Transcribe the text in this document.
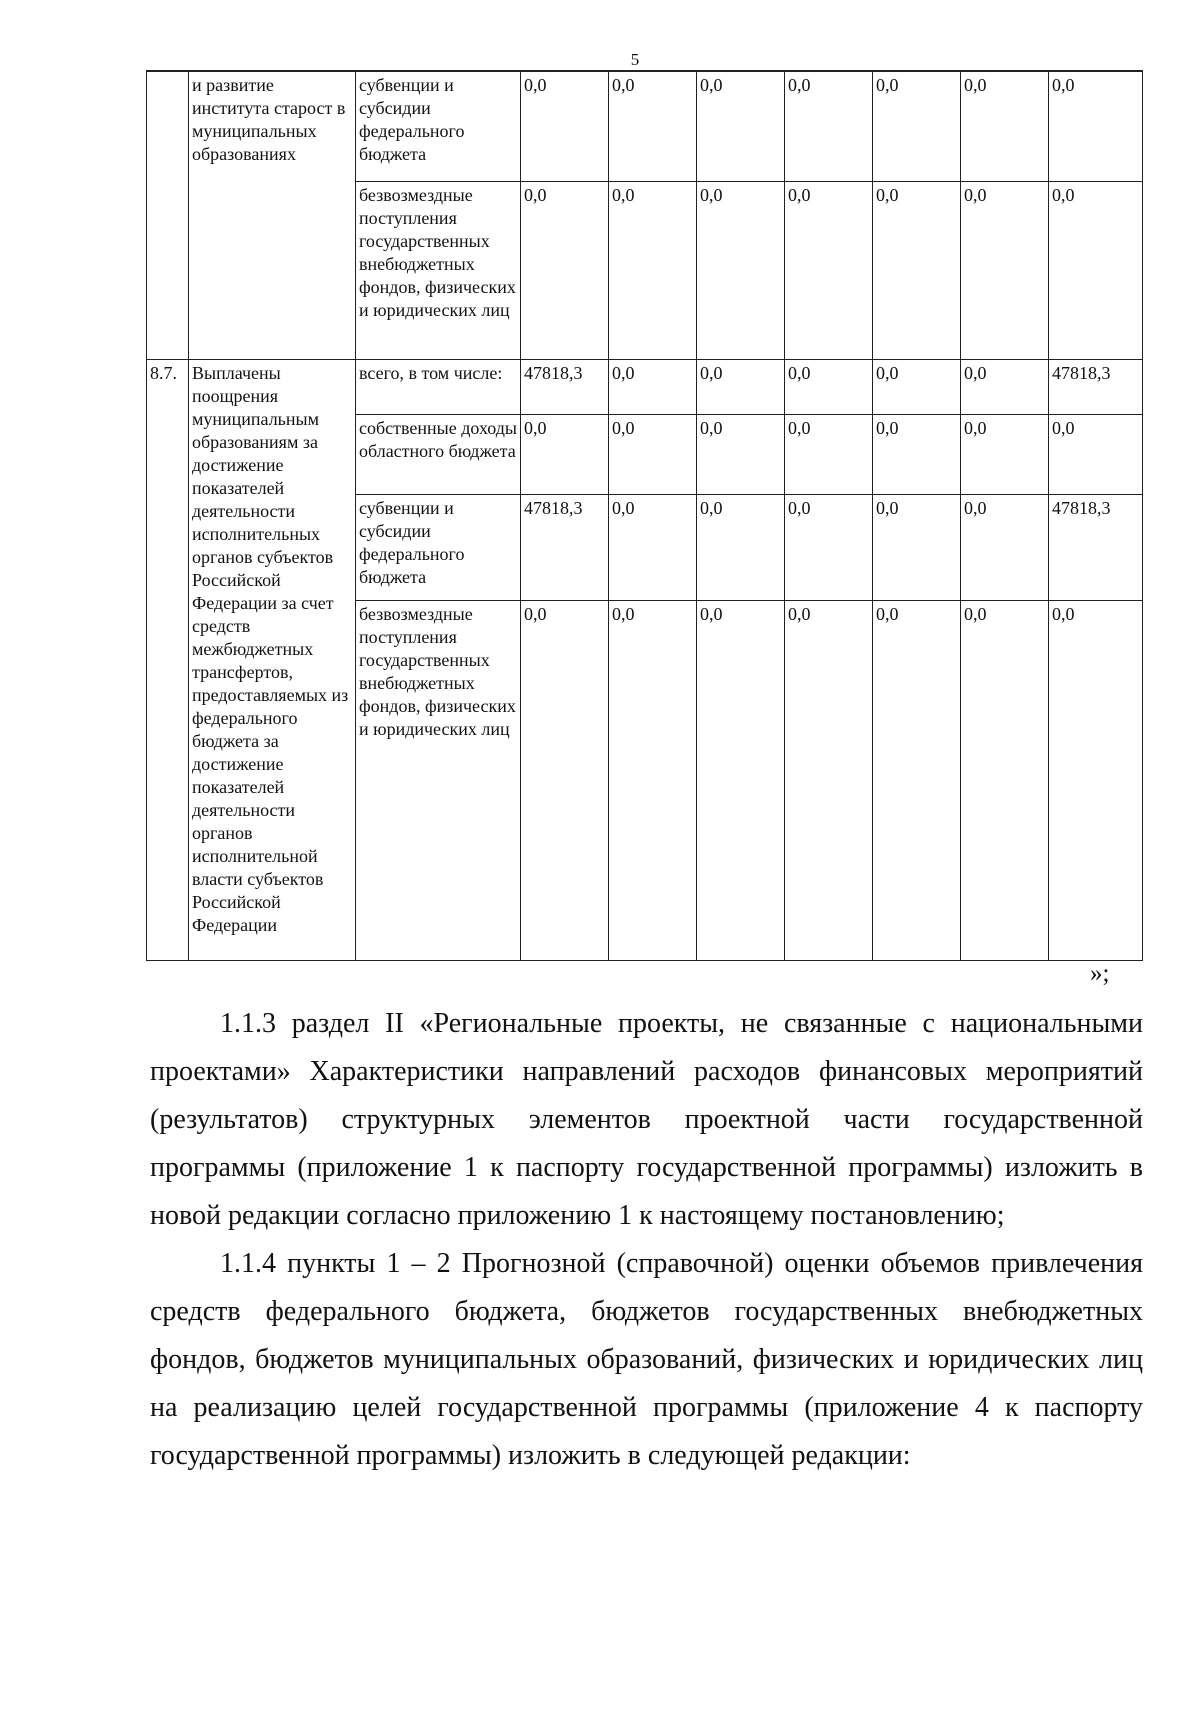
5
	и развитие института старост в муниципальных образованиях	субвенции и субсидии федерального бюджета	0,0	0,0	0,0	0,0	0,0	0,0	0,0
		безвозмездные поступления государственных внебюджетных фондов, физических и юридических лиц	0,0	0,0	0,0	0,0	0,0	0,0	0,0
8.7.	Выплачены поощрения муниципальным образованиям за достижение показателей деятельности исполнительных органов субъектов Российской Федерации за счет средств межбюджетных трансфертов, предоставляемых из федерального бюджета за достижение показателей деятельности органов исполнительной власти субъектов Российской Федерации	всего, в том числе:	47818,3	0,0	0,0	0,0	0,0	0,0	47818,3
		собственные доходы областного бюджета	0,0	0,0	0,0	0,0	0,0	0,0	0,0
		субвенции и субсидии федерального бюджета	47818,3	0,0	0,0	0,0	0,0	0,0	47818,3
		безвозмездные поступления государственных внебюджетных фондов, физических и юридических лиц	0,0	0,0	0,0	0,0	0,0	0,0	0,0
»;

1.1.3 раздел II «Региональные проекты, не связанные с национальными проектами» Характеристики направлений расходов финансовых мероприятий (результатов) структурных элементов проектной части государственной программы (приложение 1 к паспорту государственной программы) изложить в новой редакции согласно приложению 1 к настоящему постановлению;

1.1.4 пункты 1 – 2 Прогнозной (справочной) оценки объемов привлечения средств федерального бюджета, бюджетов государственных внебюджетных фондов, бюджетов муниципальных образований, физических и юридических лиц на реализацию целей государственной программы (приложение 4 к паспорту государственной программы) изложить в следующей редакции:
